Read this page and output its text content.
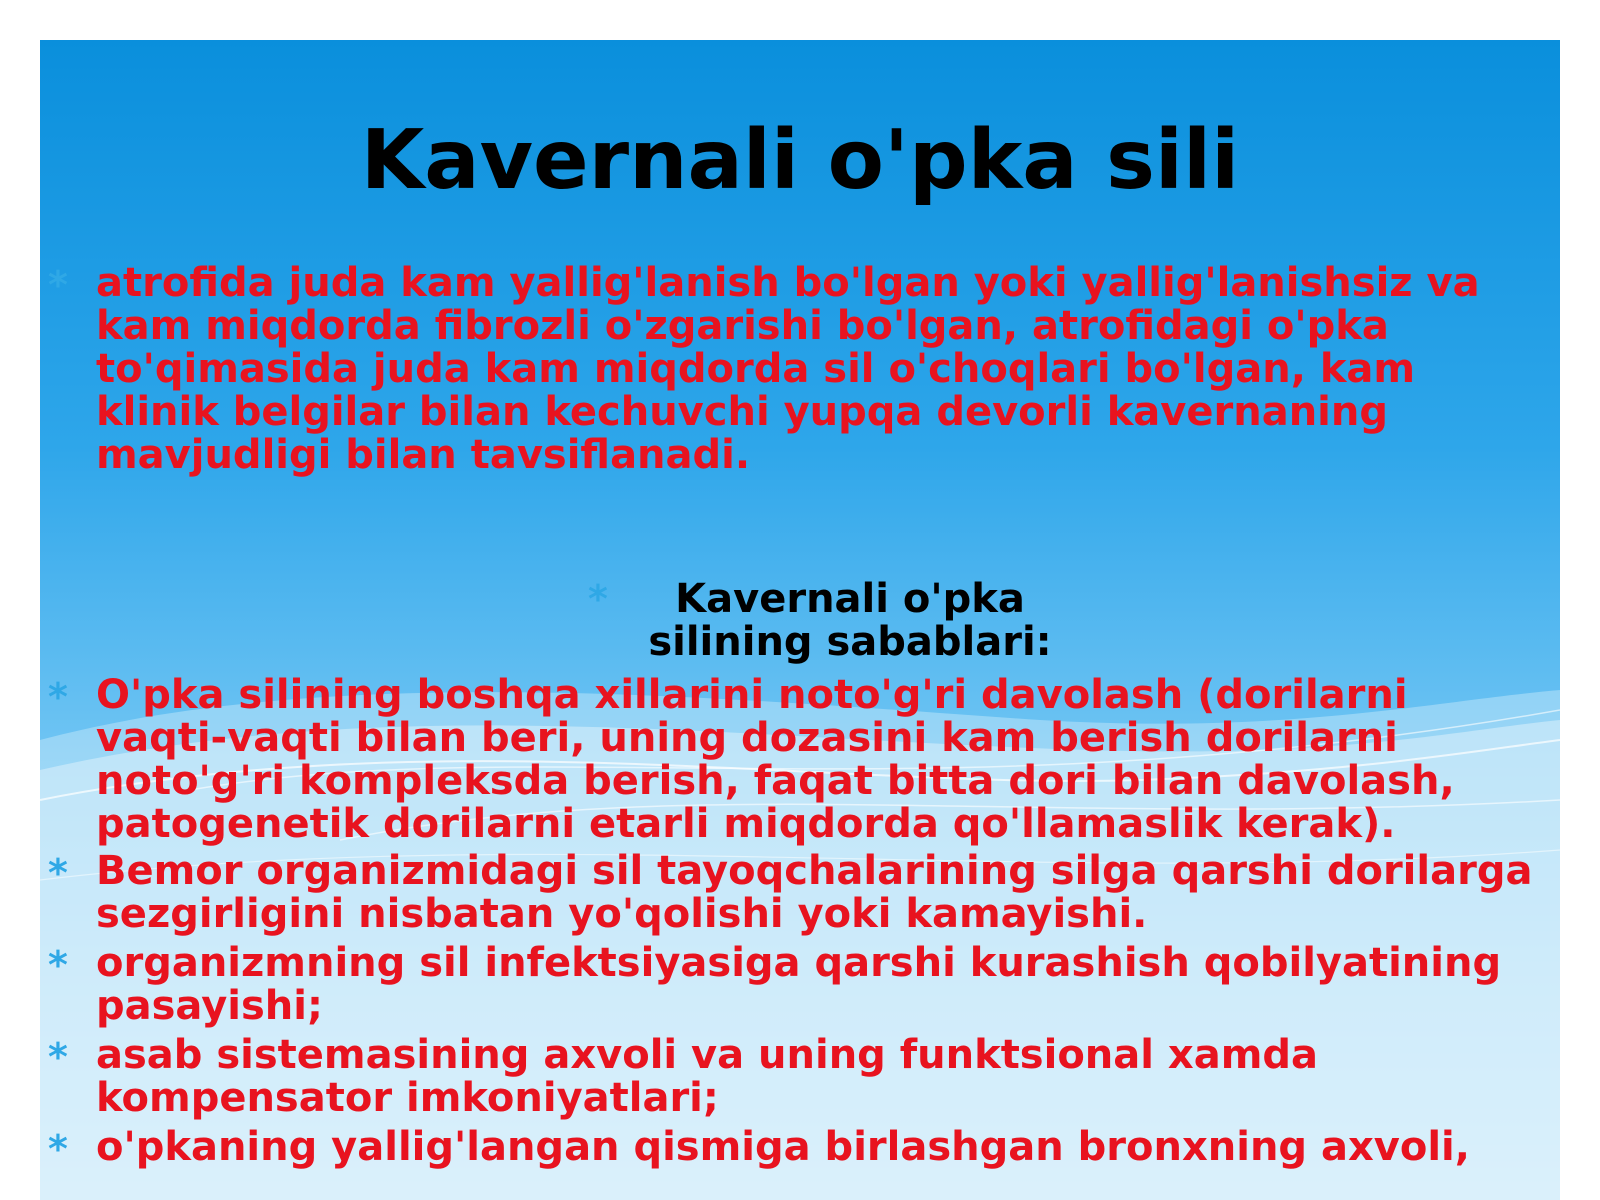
Kavernali o'pka sili
* atrofida juda kam yallig'lanish bo'lgan yoki yallig'lanishsiz va kam miqdorda fibrozli o'zgarishi bo'lgan, atrofidagi o'pka to'qimasida juda kam miqdorda sil o'choqlari bo'lgan, kam klinik belgilar bilan kechuvchi yupqa devorli kavernaning mavjudligi bilan tavsiflanadi.
*	Kavernali o'pka
silining sabablari:
* O'pka silining boshqa xillarini noto'g'ri davolash (dorilarni vaqti-vaqti bilan beri, uning dozasini kam berish dorilarni noto'g'ri kompleksda berish, faqat bitta dori bilan davolash, patogenetik dorilarni etarli miqdorda qo'llamaslik kerak).
* Bemor organizmidagi sil tayoqchalarining silga qarshi dorilarga sezgirligini nisbatan yo'qolishi yoki kamayishi.
* organizmning sil infektsiyasiga qarshi kurashish qobilyatining pasayishi;
* asab sistemasining axvoli va uning funktsional xamda kompensator imkoniyatlari;
* o'pkaning yallig'langan qismiga birlashgan bronxning axvoli,
